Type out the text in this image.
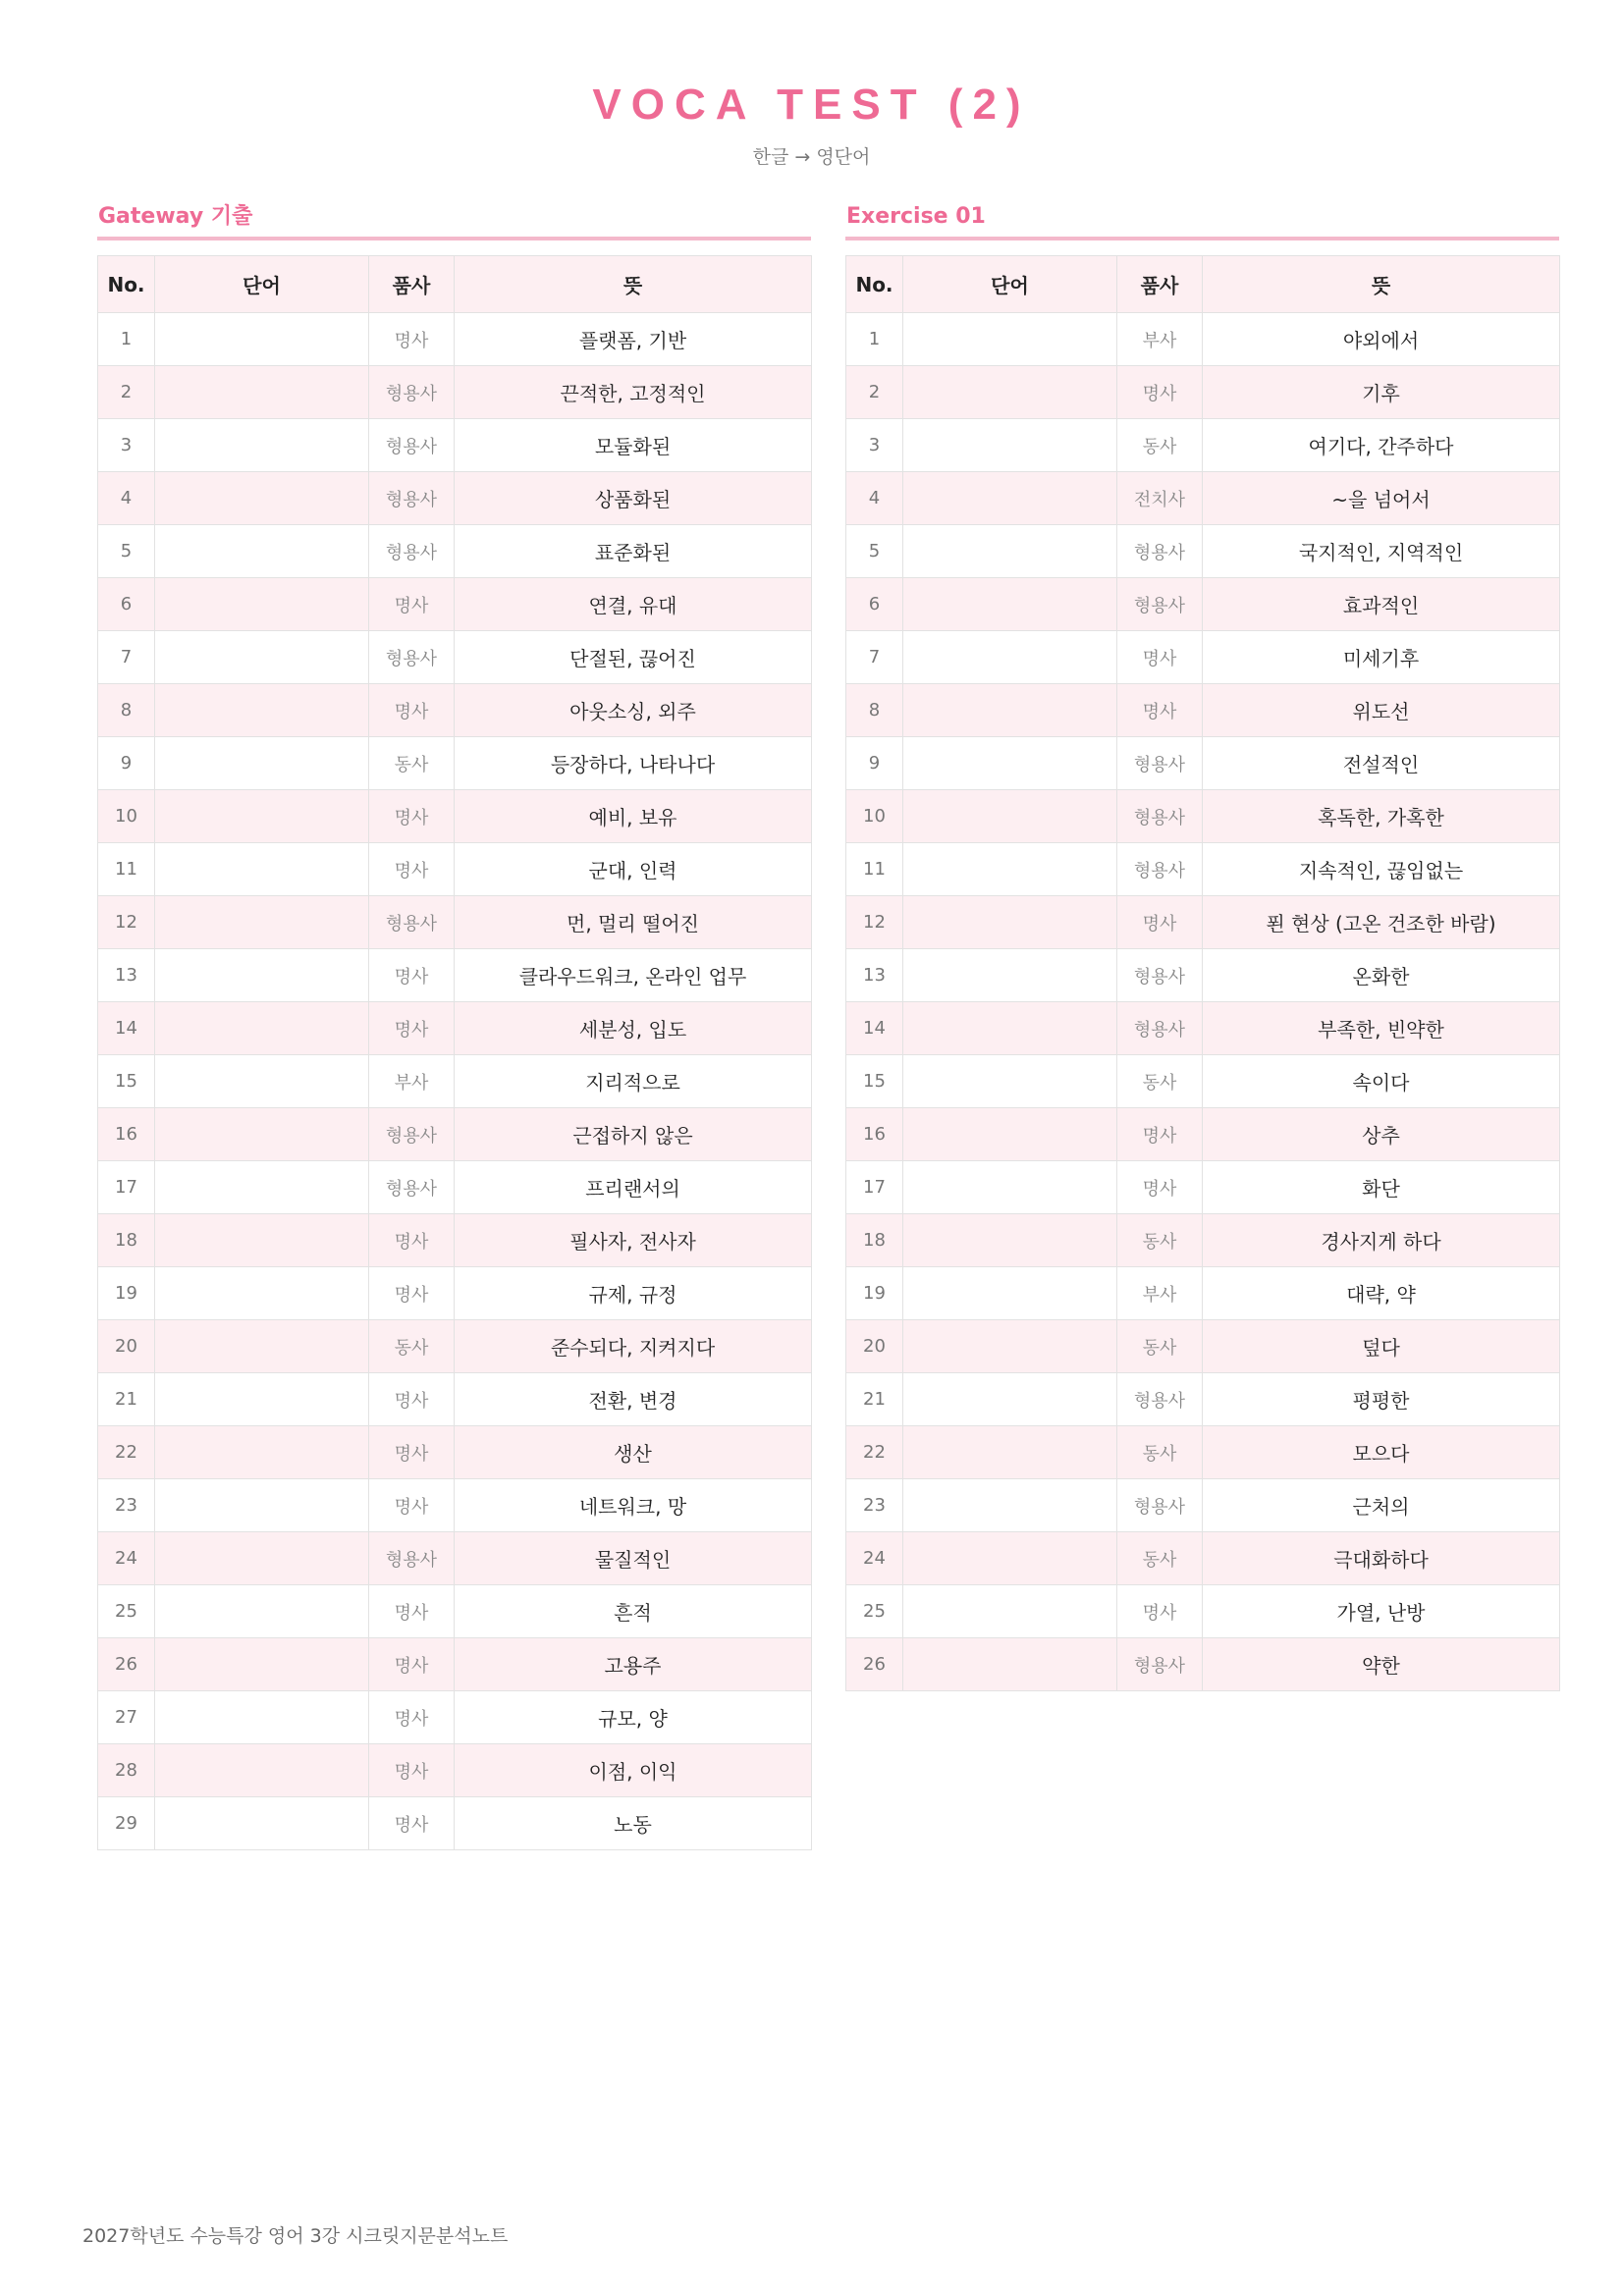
VOCA TEST (2)
한글 → 영단어
Gateway 기출
No.	단어	품사	뜻
1		명사	플랫폼, 기반
2		형용사	끈적한, 고정적인
3		형용사	모듈화된
4		형용사	상품화된
5		형용사	표준화된
6		명사	연결, 유대
7		형용사	단절된, 끊어진
8		명사	아웃소싱, 외주
9		동사	등장하다, 나타나다
10		명사	예비, 보유
11		명사	군대, 인력
12		형용사	먼, 멀리 떨어진
13		명사	클라우드워크, 온라인 업무
14		명사	세분성, 입도
15		부사	지리적으로
16		형용사	근접하지 않은
17		형용사	프리랜서의
18		명사	필사자, 전사자
19		명사	규제, 규정
20		동사	준수되다, 지켜지다
21		명사	전환, 변경
22		명사	생산
23		명사	네트워크, 망
24		형용사	물질적인
25		명사	흔적
26		명사	고용주
27		명사	규모, 양
28		명사	이점, 이익
29		명사	노동
Exercise 01
No.	단어	품사	뜻
1		부사	야외에서
2		명사	기후
3		동사	여기다, 간주하다
4		전치사	~을 넘어서
5		형용사	국지적인, 지역적인
6		형용사	효과적인
7		명사	미세기후
8		명사	위도선
9		형용사	전설적인
10		형용사	혹독한, 가혹한
11		형용사	지속적인, 끊임없는
12		명사	푄 현상 (고온 건조한 바람)
13		형용사	온화한
14		형용사	부족한, 빈약한
15		동사	속이다
16		명사	상추
17		명사	화단
18		동사	경사지게 하다
19		부사	대략, 약
20		동사	덮다
21		형용사	평평한
22		동사	모으다
23		형용사	근처의
24		동사	극대화하다
25		명사	가열, 난방
26		형용사	약한
2027학년도 수능특강 영어 3강 시크릿지문분석노트
